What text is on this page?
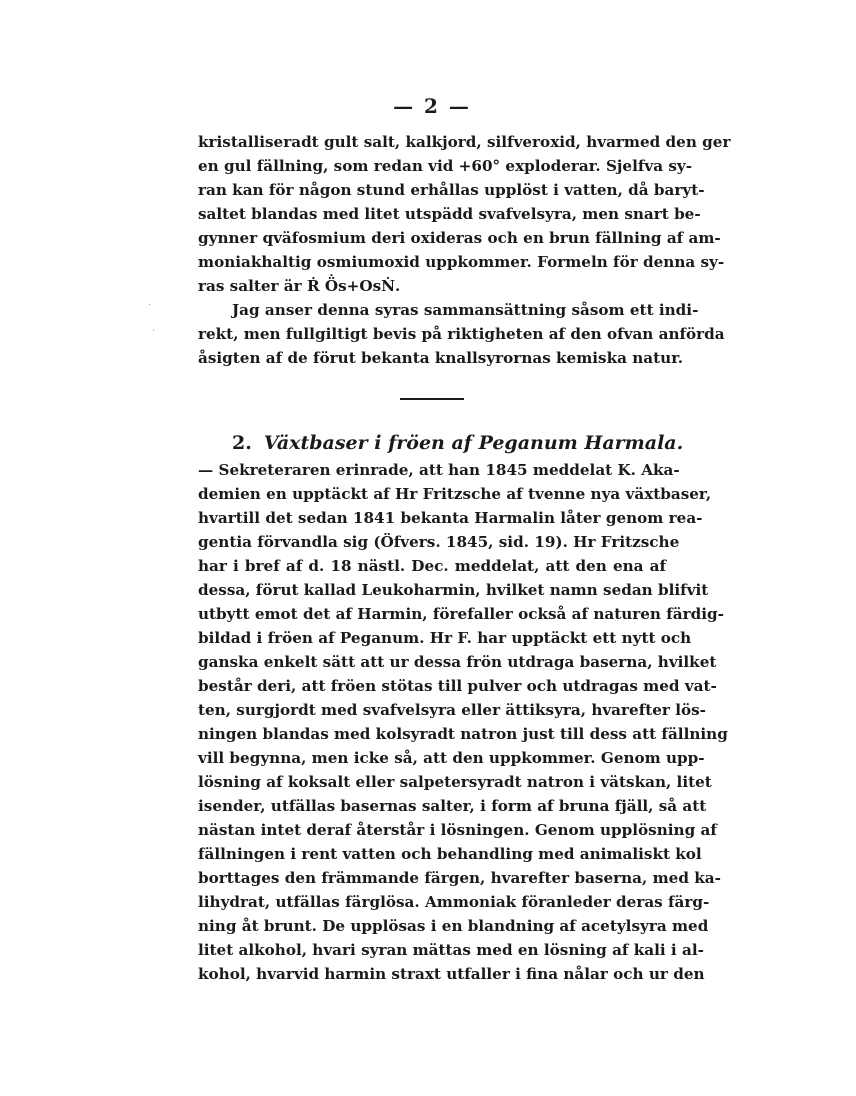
— 2 —
kristalliseradt gult salt, kalkjord, silfveroxid, hvarmed den ger
en gul fällning, som redan vid +60° exploderar. Sjelfva sy-
ran kan för någon stund erhållas upplöst i vatten, då baryt-
saltet blandas med litet utspädd svafvelsyra, men snart be-
gynner qväfosmium deri oxideras och en brun fällning af am-
moniakhaltig osmiumoxid uppkommer. Formeln för denna sy-
ras salter är Ṙ Ö̇s+OsṄ.
Jag anser denna syras sammansättning såsom ett indi-
rekt, men fullgiltigt bevis på riktigheten af den ofvan anförda
åsigten af de förut bekanta knallsyrornas kemiska natur.
2. Växtbaser i fröen af Peganum Harmala.
— Sekreteraren erinrade, att han 1845 meddelat K. Aka-
demien en upptäckt af Hr Fritzsche af tvenne nya växtbaser,
hvartill det sedan 1841 bekanta Harmalin låter genom rea-
gentia förvandla sig (Öfvers. 1845, sid. 19). Hr Fritzsche
har i bref af d. 18 nästl. Dec. meddelat, att den ena af
dessa, förut kallad Leukoharmin, hvilket namn sedan blifvit
utbytt emot det af Harmin, förefaller också af naturen färdig-
bildad i fröen af Peganum. Hr F. har upptäckt ett nytt och
ganska enkelt sätt att ur dessa frön utdraga baserna, hvilket
består deri, att fröen stötas till pulver och utdragas med vat-
ten, surgjordt med svafvelsyra eller ättiksyra, hvarefter lös-
ningen blandas med kolsyradt natron just till dess att fällning
vill begynna, men icke så, att den uppkommer. Genom upp-
lösning af koksalt eller salpetersyradt natron i vätskan, litet
isender, utfällas basernas salter, i form af bruna fjäll, så att
nästan intet deraf återstår i lösningen. Genom upplösning af
fällningen i rent vatten och behandling med animaliskt kol
borttages den främmande färgen, hvarefter baserna, med ka-
lihydrat, utfällas färglösa. Ammoniak föranleder deras färg-
ning åt brunt. De upplösas i en blandning af acetylsyra med
litet alkohol, hvari syran mättas med en lösning af kali i al-
kohol, hvarvid harmin straxt utfaller i fina nålar och ur den
·
·
